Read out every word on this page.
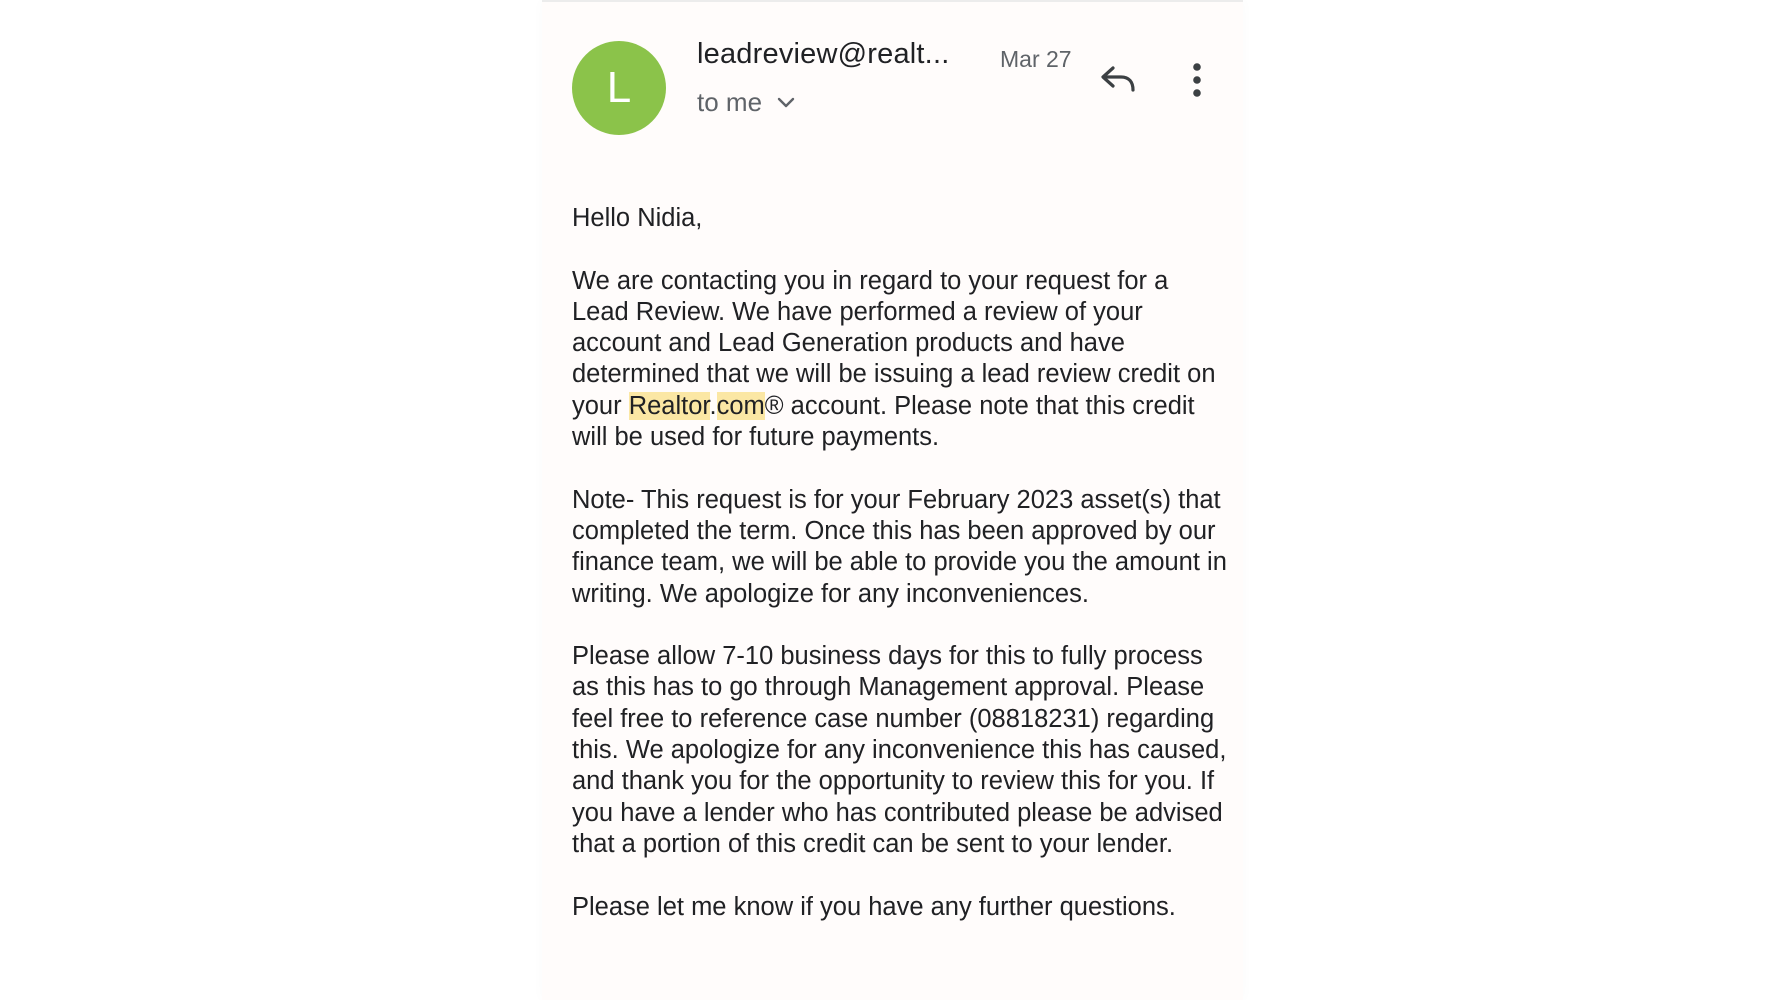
L
leadreview@realt... Mar 27
to me

Hello Nidia,

We are contacting you in regard to your request for a Lead Review. We have performed a review of your account and Lead Generation products and have determined that we will be issuing a lead review credit on your Realtor.com® account. Please note that this credit will be used for future payments.

Note- This request is for your February 2023 asset(s) that completed the term. Once this has been approved by our finance team, we will be able to provide you the amount in writing. We apologize for any inconveniences.

Please allow 7-10 business days for this to fully process as this has to go through Management approval. Please feel free to reference case number (08818231) regarding this. We apologize for any inconvenience this has caused, and thank you for the opportunity to review this for you. If you have a lender who has contributed please be advised that a portion of this credit can be sent to your lender.

Please let me know if you have any further questions.
